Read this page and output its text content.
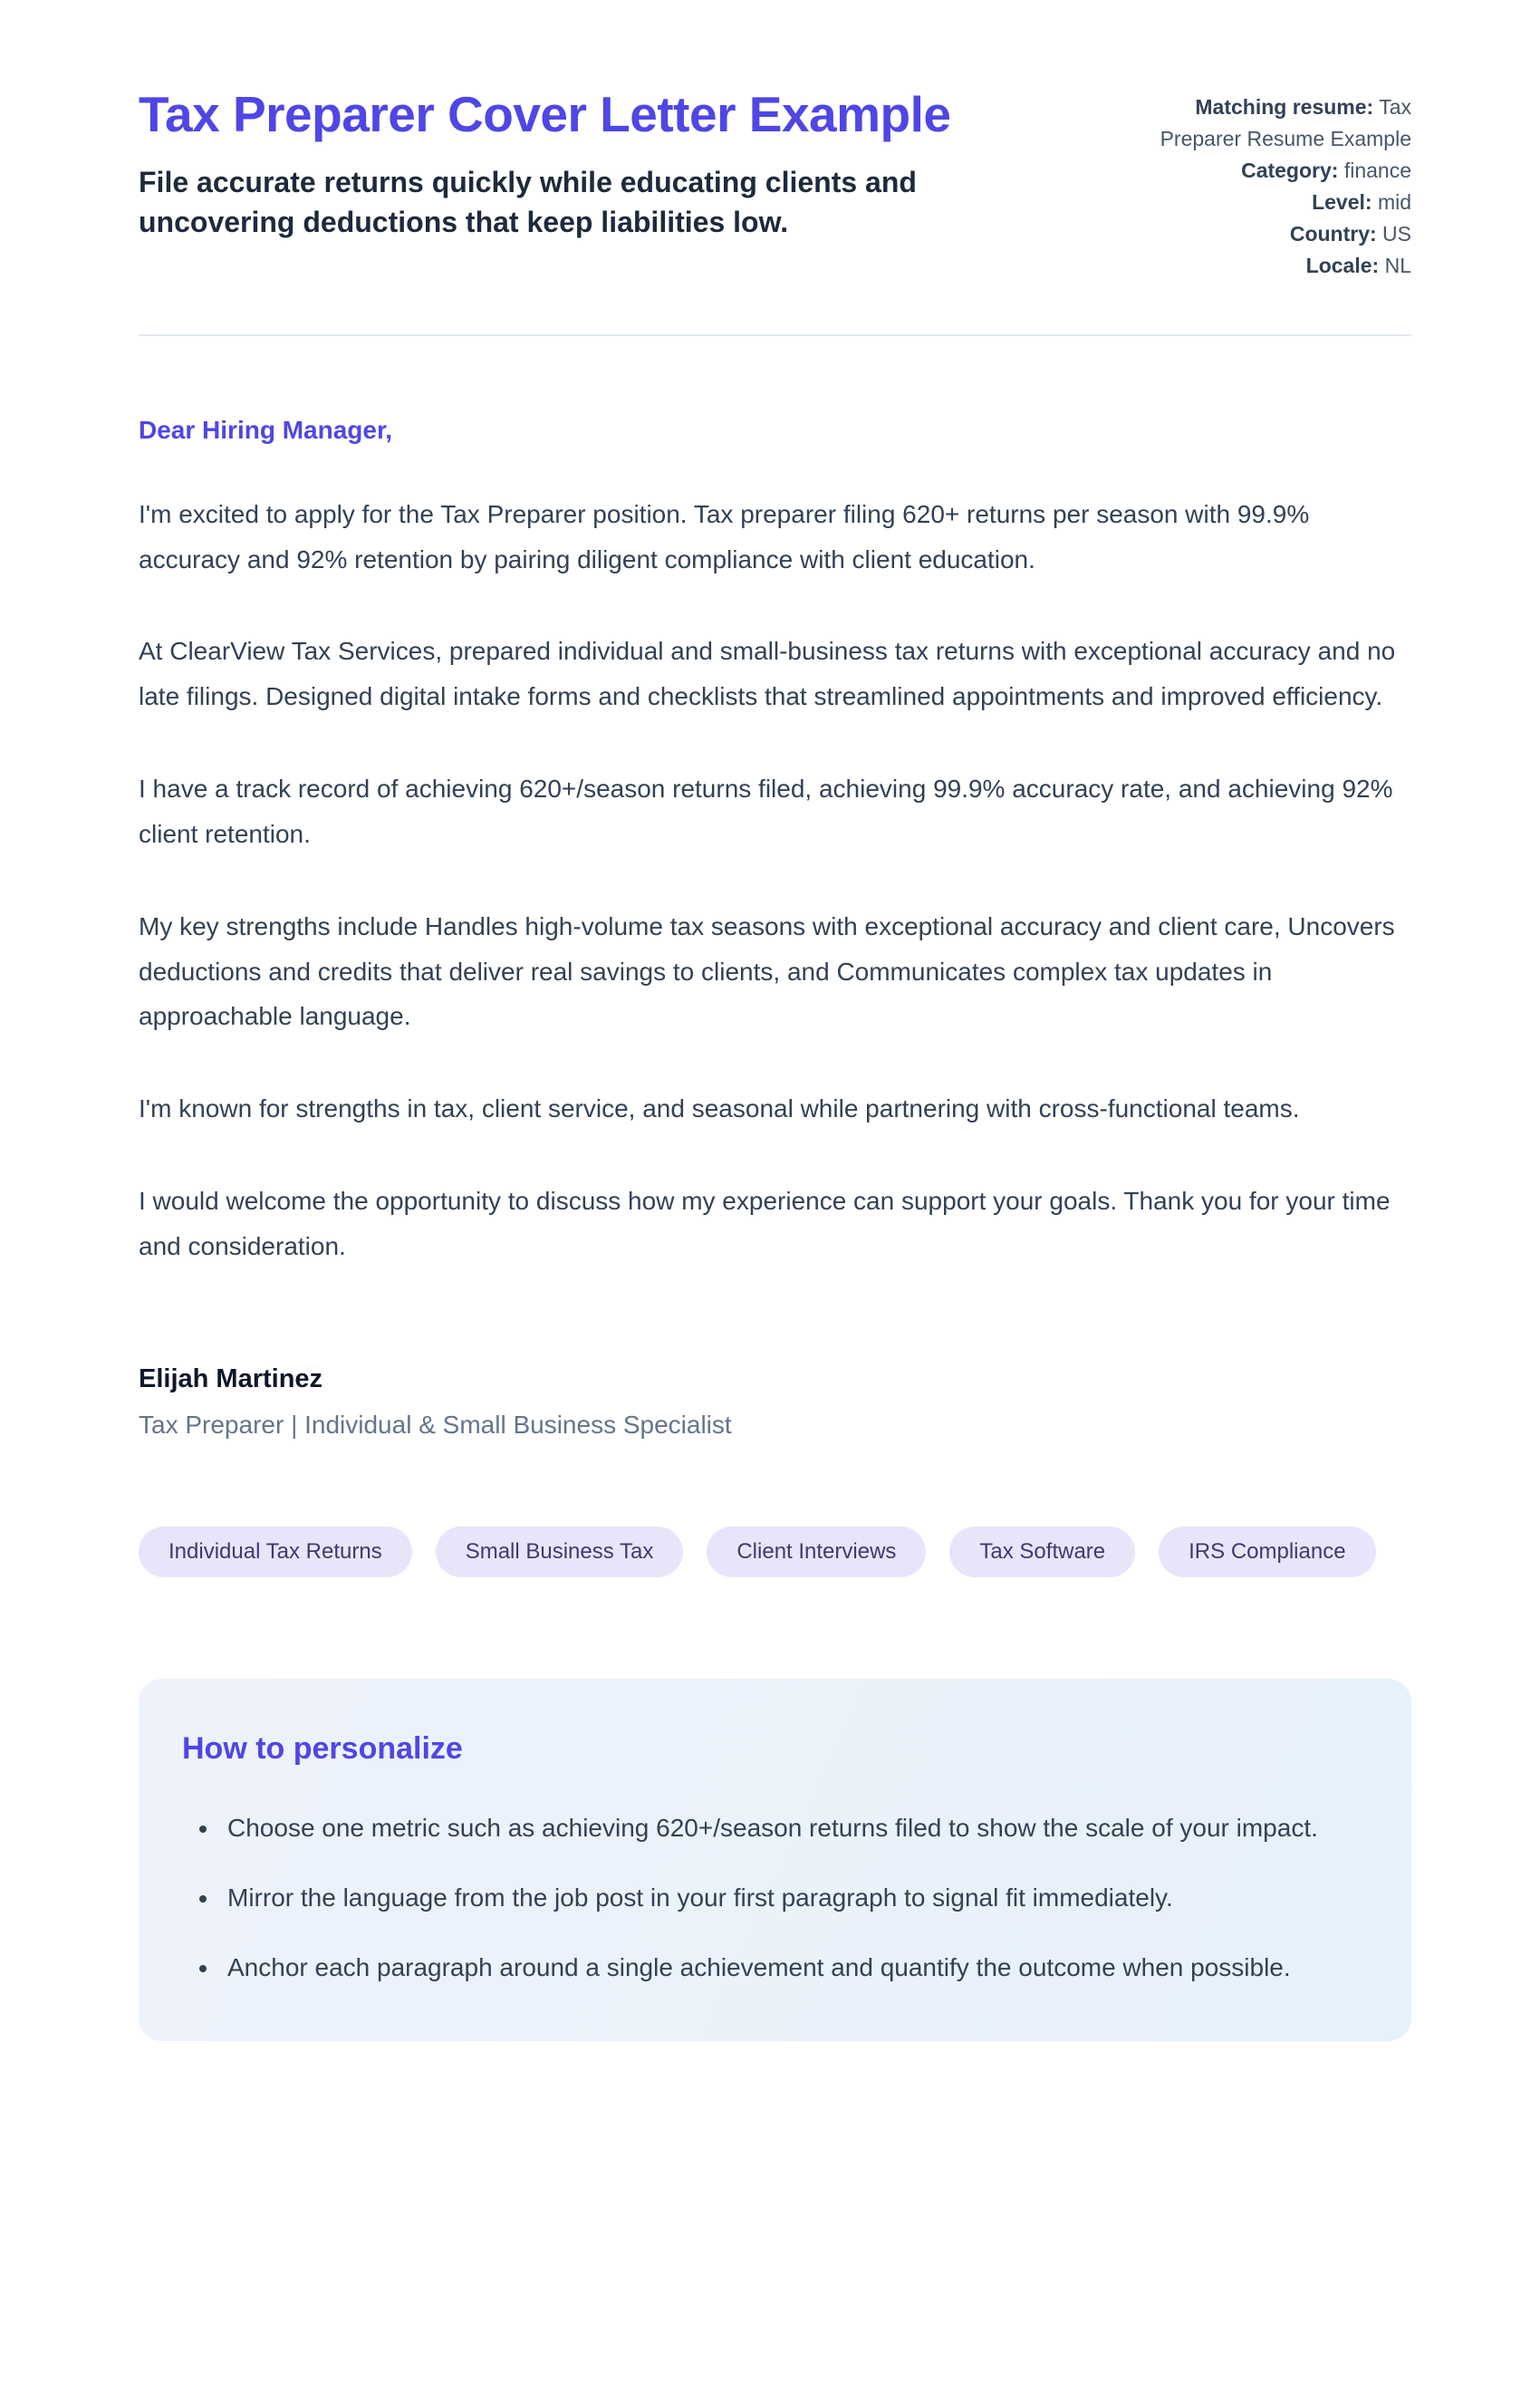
Tax Preparer Cover Letter Example

File accurate returns quickly while educating clients and uncovering deductions that keep liabilities low.

Matching resume: Tax Preparer Resume Example
Category: finance
Level: mid
Country: US
Locale: NL

Dear Hiring Manager,

I'm excited to apply for the Tax Preparer position. Tax preparer filing 620+ returns per season with 99.9% accuracy and 92% retention by pairing diligent compliance with client education.

At ClearView Tax Services, prepared individual and small-business tax returns with exceptional accuracy and no late filings. Designed digital intake forms and checklists that streamlined appointments and improved efficiency.

I have a track record of achieving 620+/season returns filed, achieving 99.9% accuracy rate, and achieving 92% client retention.

My key strengths include Handles high-volume tax seasons with exceptional accuracy and client care, Uncovers deductions and credits that deliver real savings to clients, and Communicates complex tax updates in approachable language.

I'm known for strengths in tax, client service, and seasonal while partnering with cross-functional teams.

I would welcome the opportunity to discuss how my experience can support your goals. Thank you for your time and consideration.

Elijah Martinez
Tax Preparer | Individual & Small Business Specialist
Individual Tax Returns	Small Business Tax	Client Interviews	Tax Software	IRS Compliance
How to personalize
• Choose one metric such as achieving 620+/season returns filed to show the scale of your impact.
• Mirror the language from the job post in your first paragraph to signal fit immediately.
• Anchor each paragraph around a single achievement and quantify the outcome when possible.
